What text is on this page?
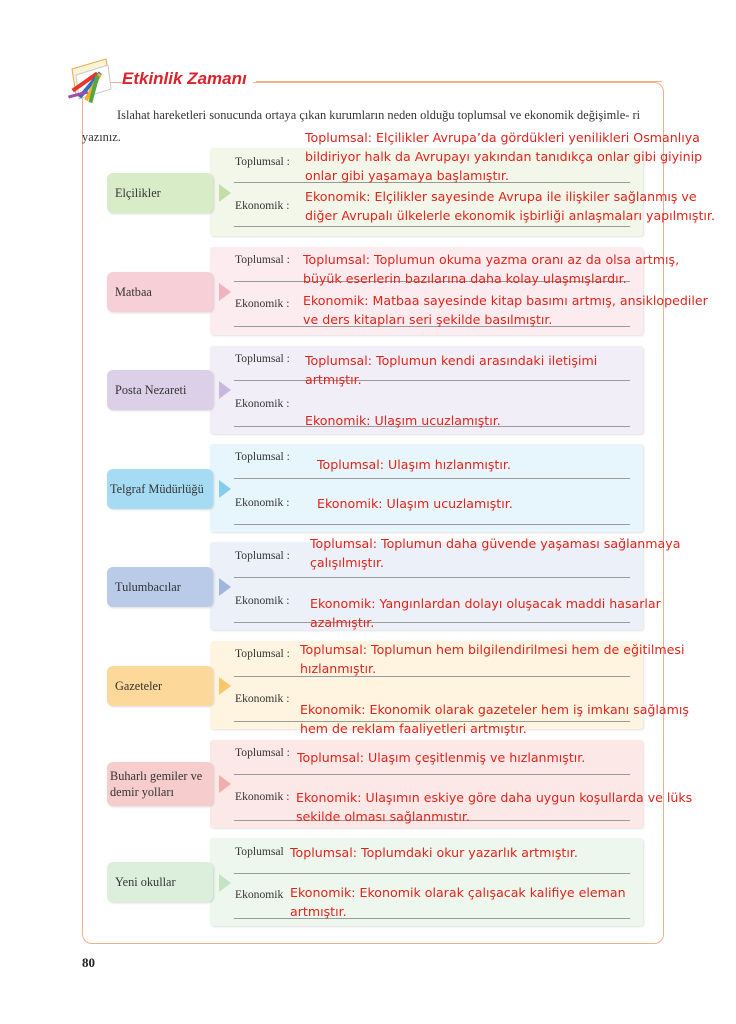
Etkinlik Zamanı
Islahat hareketleri sonucunda ortaya çıkan kurumların neden olduğu toplumsal ve ekonomik değişimle- ri yazınız.
Elçilikler
Toplumsal :
Ekonomik :
Toplumsal: Elçilikler Avrupa’da gördükleri yenilikleri Osmanlıya
bildiriyor halk da Avrupayı yakından tanıdıkça onlar gibi giyinip
onlar gibi yaşamaya başlamıştır.
Ekonomik: Elçilikler sayesinde Avrupa ile ilişkiler sağlanmış ve
diğer Avrupalı ülkelerle ekonomik işbirliği anlaşmaları yapılmıştır.
Matbaa
Toplumsal :
Ekonomik :
Toplumsal: Toplumun okuma yazma oranı az da olsa artmış,
büyük eserlerin bazılarına daha kolay ulaşmışlardır.
Ekonomik: Matbaa sayesinde kitap basımı artmış, ansiklopediler
ve ders kitapları seri şekilde basılmıştır.
Posta Nezareti
Toplumsal :
Ekonomik :
Toplumsal: Toplumun kendi arasındaki iletişimi
artmıştır.
Ekonomik: Ulaşım ucuzlamıştır.
Telgraf Müdürlüğü
Toplumsal :
Ekonomik :
Toplumsal: Ulaşım hızlanmıştır.
Ekonomik: Ulaşım ucuzlamıştır.
Tulumbacılar
Toplumsal :
Ekonomik :
Toplumsal: Toplumun daha güvende yaşaması sağlanmaya
çalışılmıştır.
Ekonomik: Yangınlardan dolayı oluşacak maddi hasarlar
azalmıştır.
Gazeteler
Toplumsal :
Ekonomik :
Toplumsal: Toplumun hem bilgilendirilmesi hem de eğitilmesi
hızlanmıştır.
Ekonomik: Ekonomik olarak gazeteler hem iş imkanı sağlamış
hem de reklam faaliyetleri artmıştır.
Buharlı gemiler ve demir yolları
Toplumsal :
Ekonomik :
Toplumsal: Ulaşım çeşitlenmiş ve hızlanmıştır.
Ekonomik: Ulaşımın eskiye göre daha uygun koşullarda ve lüks
sekilde olması sağlanmıstır.
Yeni okullar
Toplumsal
Ekonomik
Toplumsal: Toplumdaki okur yazarlık artmıştır.
Ekonomik: Ekonomik olarak çalışacak kalifiye eleman
artmıştır.
80
